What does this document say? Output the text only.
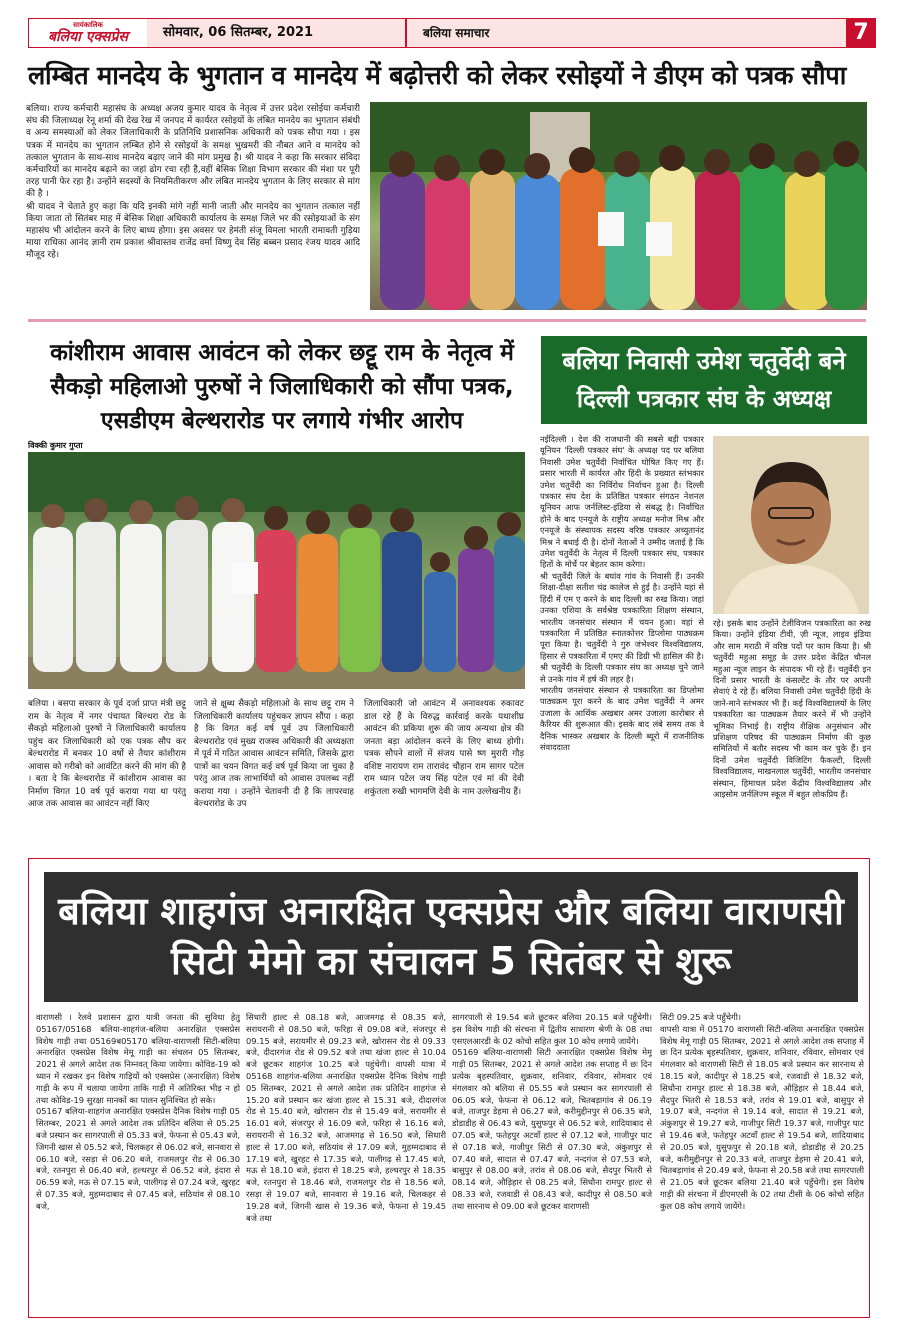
सायंकालिक
बलिया एक्सप्रेस	सोमवार, 06 सितम्बर, 2021	बलिया समाचार	7
लम्बित मानदेय के भुगतान व मानदेय में बढ़ोत्तरी को लेकर रसोइयों ने डीएम को पत्रक सौपा
बलिया। राज्य कर्मचारी महासंघ के अध्यक्ष अजय कुमार यादव के नेतृत्व में उत्तर प्रदेश रसोईया कर्मचारी संघ की जिलाध्यक्ष रेनू शर्मा की देख रेख में जनपद में कार्यरत रसोइयों के लंबित मानदेय का भुगतान संबंधी व अन्य समस्याओं को लेकर जिलाधिकारी के प्रतिनिधि प्रशासनिक अधिकारी को पत्रक सौपा गया । इस पत्रक में मानदेय का भुगतान लम्बित होने से रसोइयों के समक्ष भुखमरी की नौबत आने व मानदेय को तत्काल भुगतान के साथ-साथ मानदेय बढ़ाए जाने की मांग प्रमुख है। श्री यादव ने कहा कि सरकार संविदा कर्मचारियों का मानदेय बढ़ाने का जहां ढोग रचा रही है,वहीं बेसिक शिक्षा विभाग सरकार की मंशा पर पूरी तरह पानी फेर रहा है। उन्होंने सदस्यों के नियमितीकरण और लंबित मानदेय भुगतान के लिए सरकार से मांग की है ।
श्री यादव ने चेताते हुए कहा कि यदि इनकी मांगे नहीं मानी जाती और मानदेय का भुगतान तत्काल नहीं किया जाता तो सितंबर माह में बेसिक शिक्षा अधिकारी कार्यालय के समक्ष जिले भर की रसोइयाओं के संग महासंघ भी आंदोलन करने के लिए बाध्य होगा। इस अवसर पर हेमंती संजू विमला भारती रामावती गुड़िया माया राधिका आनंद ज्ञानी राम प्रकाश श्रीवास्तव राजेंद्र वर्मा विष्णु देव सिंह बब्बन प्रसाद रंजय यादव आदि मौजूद रहे।
कांशीराम आवास आवंटन को लेकर छट्टू राम के नेतृत्व में सैकड़ो महिलाओ पुरुषों ने जिलाधिकारी को सौंपा पत्रक, एसडीएम बेल्थरारोड पर लगाये गंभीर आरोप
विक्की कुमार गुप्ता
बलिया । बसपा सरकार के पूर्व दर्जा प्राप्त मंत्री छट्टू राम के नेतृत्व में नगर पंचायत बिल्थरा रोड के सैकड़ो महिलाओ पुरुषों ने जिलाधिकारी कार्यालय पहुंच कर जिलाधिकारी को एक पत्रक सौप कर बेल्थरारोड में बनकर 10 वर्षो से तैयार कांशीराम आवास को गरीबो को आवंटित करने की मांग की है । बता दे कि बेल्थरारोड में कांशीराम आवास का निर्माण विगत 10 वर्ष पूर्व कराया गया था परंतु आज तक आवास का आवंटन नहीं किए
जाने से क्षुब्ध सैकड़ो महिलाओ के साथ छट्टू राम ने जिलाधिकारी कार्यालय पहुंचकर ज्ञापन सौंपा । कहा है कि विगत कई वर्ष पूर्व उप जिलाधिकारी बेल्थरारोड एवं मुख्य राजस्व अधिकारी की अध्यक्षता में पूर्व में गठित आवास आवंटन समिति, जिसके द्वारा पात्रों का चयन विगत कई वर्ष पूर्व किया जा चुका है परंतु आज तक लाभार्थियों को आवास उपलब्ध नहीं कराया गया । उन्होंने चेतावनी दी है कि लापरवाह बेल्थरारोड के उप
जिलाधिकारी जो आवंटन में अनावश्यक रुकावट डाल रहे हैं के विरुद्ध कार्रवाई करके यथाशीघ्र आवंटन की प्रकिया शुरू की जाय अन्यथा क्षेत्र की जनता बड़ा आंदोलन करने के लिए बाध्य होगी। पत्रक सौपने वालों में संजय पासे ष्ण मुरारी गौड़ वशिष्ट नारायण राम तारावंद चौहान राम सागर पटेल राम ध्यान पटेल जय सिंह पटेल एवं मां की देवी शकुंतला रुखी भागमणि देवी के नाम उल्लेखनीय हैं।
बलिया निवासी उमेश चतुर्वेदी बने दिल्ली पत्रकार संघ के अध्यक्ष
नईदिल्ली । देश की राजधानी की सबसे बड़ी पत्रकार यूनियन 'दिल्ली पत्रकार संघ' के अध्यक्ष पद पर बलिया निवासी उमेश चतुर्वेदी निर्वाचित घोषित किए गए हैं। प्रसार भारती में कार्यरत और हिंदी के प्रख्यात स्तंभकार उमेश चतुर्वेदी का निर्विरोध निर्वाचन हुआ है। दिल्ली पत्रकार संघ देश के प्रतिष्ठित पत्रकार संगठन नेशनल यूनियन आफ जर्नलिस्ट-इंडिया से संबद्ध है। निर्वाचित होने के बाद एनयूजे के राष्ट्रीय अध्यक्ष मनोज मिश्र और एनयूजे के संस्थापक सदस्य वरिष्ठ पत्रकार अच्युतानंद मिश्र ने बधाई दी है। दोनों नेताओं ने उम्मीद जताई है कि उमेश चतुर्वेदी के नेतृत्व में दिल्ली पत्रकार संघ, पत्रकार हितों के मोर्चे पर बेहतर काम करेगा।
श्री चतुर्वेदी जिले के बघांव गांव के निवासी हैं। उनकी शिक्षा-दीक्षा सतीश चंद्र कालेज से हुई है। उन्होंने यहां से हिंदी में एम ए करने के बाद दिल्ली का रुख किया। जहां उनका एशिया के सर्वश्रेष्ठ पत्रकारिता शिक्षण संस्थान, भारतीय जनसंचार संस्थान में चयन हुआ। वहां से पत्रकारिता में प्रतिष्ठित स्नातकोत्तर डिप्लोमा पाठ्यक्रम पूरा किया है। चतुर्वेदी ने गुरु जंभेश्वर विश्वविद्यालय, हिसार से पत्रकारिता में एमए की डिग्री भी हासिल की है। श्री चतुर्वेदी के दिल्ली पत्रकार संघ का अध्यक्ष चुने जाने से उनके गांव में हर्ष की लहर है।
भारतीय जनसंचार संस्थान से पत्रकारिता का डिप्लोमा पाठ्यक्रम पूरा करने के बाद उमेश चतुर्वेदी ने अमर उजाला के आर्थिक अखबार अमर उजाला कारोबार से कैरियर की शुरूआत की। इसके बाद लंबे समय तक वे दैनिक भास्कर अखबार के दिल्ली ब्यूरो में राजनीतिक संवाददाता
रहे। इसके बाद उन्होंने टेलीविजन पत्रकारिता का रुख किया। उन्होंने इंडिया टीवी, ज़ी न्यूज, लाइव इंडिया और साम मराठी में वरिष्ठ पदों पर काम किया है। श्री चतुर्वेदी महुआ समूह के उत्तर प्रदेश केंद्रित चौनल महुआ न्यूज लाइन के संपादक भी रहे हैं। चतुर्वेदी इन दिनों प्रसार भारती के कंसल्टेंट के तौर पर अपनी सेवाएं दे रहे हैं। बलिया निवासी उमेश चतुर्वेदी हिंदी के जाने-माने स्तंभकार भी हैं। कई विश्वविद्यालयों के लिए पत्रकारिता का पाठ्यक्रम तैयार करने में भी उन्होंने भूमिका निभाई है। राष्ट्रीय शैक्षिक अनुसंधान और प्रशिक्षण परिषद की पाठ्यक्रम निर्माण की कुछ समितियों में बतौर सदस्य भी काम कर चुके हैं। इन दिनों उमेश चतुर्वेदी विजिटिंग फैकल्टी, दिल्ली विश्वविद्यालय, माखनलाल चतुर्वेदी, भारतीय जनसंचार संस्थान, हिमाचल प्रदेश केंद्रीय विश्वविद्यालय और आइसोम जर्नलिज्म स्कूल में बहुत लोकप्रिय हैं।
बलिया शाहगंज अनारक्षित एक्सप्रेस और बलिया वाराणसी सिटी मेमो का संचालन 5 सितंबर से शुरू
वाराणसी । रेलवे प्रशासन द्वारा यात्री जनता की सुविधा हेतु 05167/05168 बलिया-शाहगंज-बलिया अनारक्षित एक्सप्रेस विशेष गाड़ी तथा 05169ब05170 बलिया-वाराणसी सिटी-बलिया अनारक्षित एक्सप्रेस विशेष मेमू गाड़ी का संचलन 05 सितम्बर, 2021 से अगले आदेश तक निम्नवत् किया जायेगा। कोविड-19 को ध्यान में रखकर इन विशेष गाड़ियों को एक्सप्रेस (अनारक्षित) विशेष गाड़ी के रूप में चलाया जायेगा ताकि गाड़ी में अतिरिक्त भीड़ न हो तथा कोविड-19 सुरक्षा मानकों का पालन सुनिश्चित हो सके।
05167 बलिया-शाहगंज अनारक्षित एक्सप्रेस दैनिक विशेष गाड़ी 05 सितम्बर, 2021 से अगले आदेश तक प्रतिदिन बलिया से 05.25 बजे प्रस्थान कर सागरपाली से 05.33 बजे, फेफना से 05.43 बजे, जिगनी खास से 05.52 बजे, चिलकहर से 06.02 बजे, सानवारा से 06.10 बजे, रसड़ा से 06.20 बजे, राजमलपुर रोड से 06.30 बजे, रतनपुरा से 06.40 बजे, हल्धरपुर से 06.52 बजे, इंदारा से 06.59 बजे, मऊ से 07.15 बजे, पालीगढ़ से 07.24 बजे, खुरहट से 07.35 बजे, मुहम्मदाबाद से 07.45 बजे, सठियांव से 08.10 बजे,
सिधारी हाल्ट से 08.18 बजे, आजमगढ़ से 08.35 बजे, सरायरानी से 08.50 बजे, फरिहा से 09.08 बजे, संजरपुर से 09.15 बजे, सरायमीर से 09.23 बजे, खोरासन रोड से 09.33 बजे, दीदारगंज रोड से 09.52 बजे तथा खंजा हाल्ट से 10.04 बजे छूटकर शाहगंज 10.25 बजे पहुंचेगी। वापसी यात्रा में 05168 शाहगंज-बलिया अनारक्षित एक्सप्रेस दैनिक विशेष गाड़ी 05 सितम्बर, 2021 से अगले आदेश तक प्रतिदिन शाहगंज से 15.20 बजे प्रस्थान कर खंजा हाल्ट से 15.31 बजे, दीदारगंज रोड से 15.40 बजे, खोरासन रोड से 15.49 बजे, सरायमीर से 16.01 बजे, संजरपुर से 16.09 बजे, फरिहा से 16.16 बजे, सरायरानी से 16.32 बजे, आजमगढ़ से 16.50 बजे, सिधारी हाल्ट से 17.00 बजे, सठियांव से 17.09 बजे, मुहम्मदाबाद से 17.19 बजे, खुरहट से 17.35 बजे, पालीगढ़ से 17.45 बजे, मऊ से 18.10 बजे, इंदारा से 18.25 बजे, हल्धरपुर से 18.35 बजे, रतनपुरा से 18.46 बजे, राजमलपुर रोड से 18.56 बजे, रसड़ा से 19.07 बजे, सानवारा से 19.16 बजे, चिलकहर से 19.28 बजे, जिगनी खास से 19.36 बजे, फेफना से 19.45 बजे तथा
सागरपाली से 19.54 बजे छूटकर बलिया 20.15 बजे पहुँचेगी। इस विशेष गाड़ी की संरचना में द्वितीय साधारण श्रेणी के 08 तथा एसएलआरडी के 02 कोचो सहित कुल 10 कोच लगाये जायेंगे।
05169 बलिया-वाराणसी सिटी अनारक्षित एक्सप्रेस विशेष मेमू गाड़ी 05 सितम्बर, 2021 से अगले आदेश तक सप्ताह में छः दिन प्रत्येक बृहस्पतिवार, शुक्रवार, शनिवार, रविवार, सोमवार एवं मंगलवार को बलिया से 05.55 बजे प्रस्थान कर सागरपाली से 06.05 बजे, फेफना से 06.12 बजे, चितबड़ागांव से 06.19 बजे, ताजपुर डेहमा से 06.27 बजे, करीमुद्दीनपुर से 06.35 बजे, डोडाडीह से 06.43 बजे, युसुफपुर से 06.52 बजे, शादियाबाद से 07.05 बजे, फतेहपुर अटवाँ हाल्ट से 07.12 बजे, गाजीपुर घाट से 07.18 बजे, गाजीपुर सिटी से 07.30 बजे, अंकुशपुर से 07.40 बजे, सादात से 07.47 बजे, नन्दगंज से 07.53 बजे, बासुपुर से 08.00 बजे, तरांव से 08.06 बजे, सैदपुर भितरी से 08.14 बजे, औड़िहार से 08.25 बजे, सिधौना रामपुर हाल्ट से 08.33 बजे, रजवाडी से 08.43 बजे, कादीपुर से 08.50 बजे तथा सारनाथ से 09.00 बजे छूटकर वाराणसी
सिटी 09.25 बजे पहुँचेगी।
वापसी यात्रा में 05170 वाराणसी सिटी-बलिया अनारक्षित एक्सप्रेस विशेष मेमू गाड़ी 05 सितम्बर, 2021 से अगले आदेश तक सप्ताह में छः दिन प्रत्येक बृहस्पतिवार, शुक्रवार, शनिवार, रविवार, सोमवार एवं मंगलवार को वाराणसी सिटी से 18.05 बजे प्रस्थान कर सारनाथ से 18.15 बजे, कादीपुर से 18.25 बजे, रजवाडी से 18.32 बजे, सिधौना रामपुर हाल्ट से 18.38 बजे, औड़िहार से 18.44 बजे, सैदपुर भितरी से 18.53 बजे, तरांव से 19.01 बजे, बासुपुर से 19.07 बजे, नन्दगंज से 19.14 बजे, सादात से 19.21 बजे, अंकुशपुर से 19.27 बजे, गाजीपुर सिटी 19.37 बजे, गाजीपुर घाट से 19.46 बजे, फतेहपुर अटवाँ हाल्ट से 19.54 बजे, शादियाबाद से 20.05 बजे, युसुफपुर से 20.18 बजे, डोडाडीह से 20.25 बजे, करीमुद्दीनपुर से 20.33 बजे, ताजपुर डेहमा से 20.41 बजे, चितबड़ागांव से 20.49 बजे, फेफना से 20.58 बजे तथा सागरपाली से 21.05 बजे छूटकर बलिया 21.40 बजे पहुँचेगी। इस विशेष गाड़ी की संरचना में डीएमएसी के 02 तथा टीसी के 06 कोचो सहित कुल 08 कोच लगाये जायेंगे।
